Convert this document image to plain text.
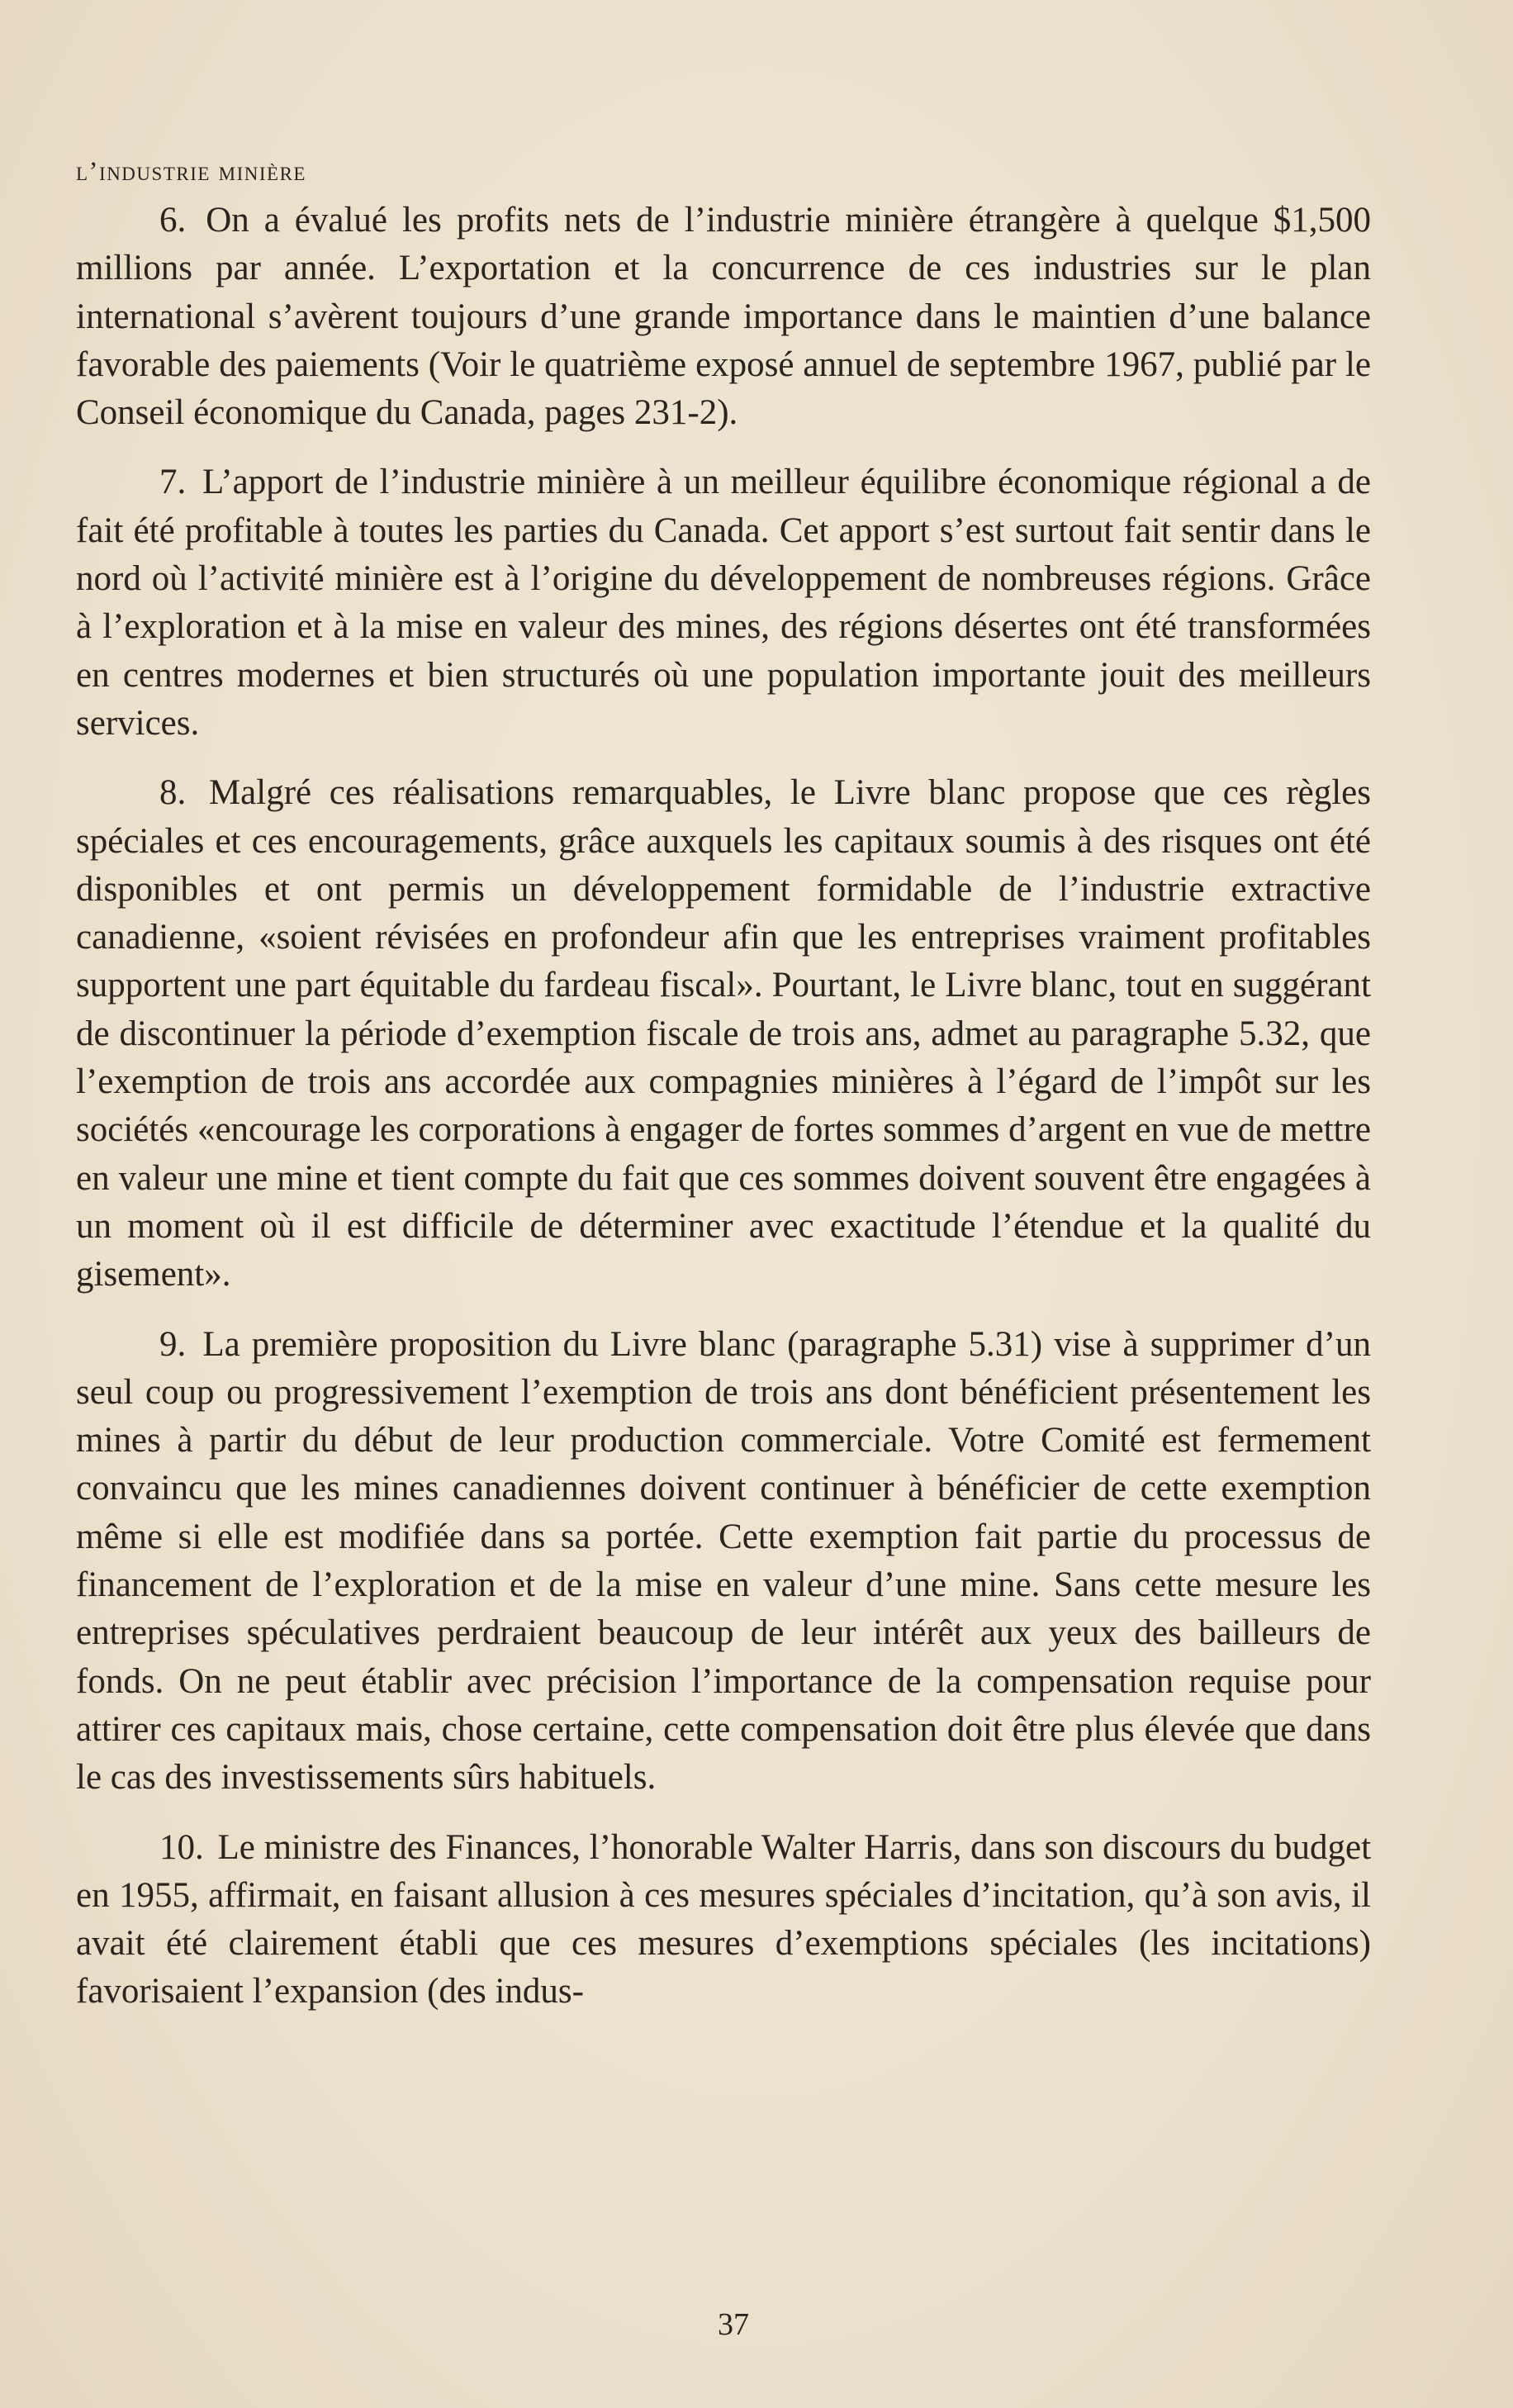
l’industrie minière

6. On a évalué les profits nets de l’industrie minière étrangère à quelque $1,500 millions par année. L’exportation et la concurrence de ces industries sur le plan international s’avèrent toujours d’une grande importance dans le maintien d’une balance favorable des paiements (Voir le quatrième exposé annuel de septembre 1967, publié par le Conseil économique du Canada, pages 231-2).

7. L’apport de l’industrie minière à un meilleur équilibre économique régional a de fait été profitable à toutes les parties du Canada. Cet apport s’est surtout fait sentir dans le nord où l’activité minière est à l’origine du développement de nombreuses régions. Grâce à l’exploration et à la mise en valeur des mines, des régions désertes ont été transformées en centres modernes et bien structurés où une population importante jouit des meilleurs services.

8. Malgré ces réalisations remarquables, le Livre blanc propose que ces règles spéciales et ces encouragements, grâce auxquels les capitaux soumis à des risques ont été disponibles et ont permis un développement formidable de l’industrie extractive canadienne, «soient révisées en profondeur afin que les entreprises vraiment profitables supportent une part équitable du fardeau fiscal». Pourtant, le Livre blanc, tout en suggérant de discontinuer la période d’exemption fiscale de trois ans, admet au paragraphe 5.32, que l’exemption de trois ans accordée aux compagnies minières à l’égard de l’impôt sur les sociétés «encourage les corporations à engager de fortes sommes d’argent en vue de mettre en valeur une mine et tient compte du fait que ces sommes doivent souvent être engagées à un moment où il est difficile de déterminer avec exactitude l’étendue et la qualité du gisement».

9. La première proposition du Livre blanc (paragraphe 5.31) vise à supprimer d’un seul coup ou progressivement l’exemption de trois ans dont bénéficient présentement les mines à partir du début de leur production commerciale. Votre Comité est fermement convaincu que les mines canadiennes doivent continuer à bénéficier de cette exemption même si elle est modifiée dans sa portée. Cette exemption fait partie du processus de financement de l’exploration et de la mise en valeur d’une mine. Sans cette mesure les entreprises spéculatives perdraient beaucoup de leur intérêt aux yeux des bailleurs de fonds. On ne peut établir avec précision l’importance de la compensation requise pour attirer ces capitaux mais, chose certaine, cette compensation doit être plus élevée que dans le cas des investissements sûrs habituels.

10. Le ministre des Finances, l’honorable Walter Harris, dans son discours du budget en 1955, affirmait, en faisant allusion à ces mesures spéciales d’incitation, qu’à son avis, il avait été clairement établi que ces mesures d’exemptions spéciales (les incitations) favorisaient l’expansion (des indus-

37
